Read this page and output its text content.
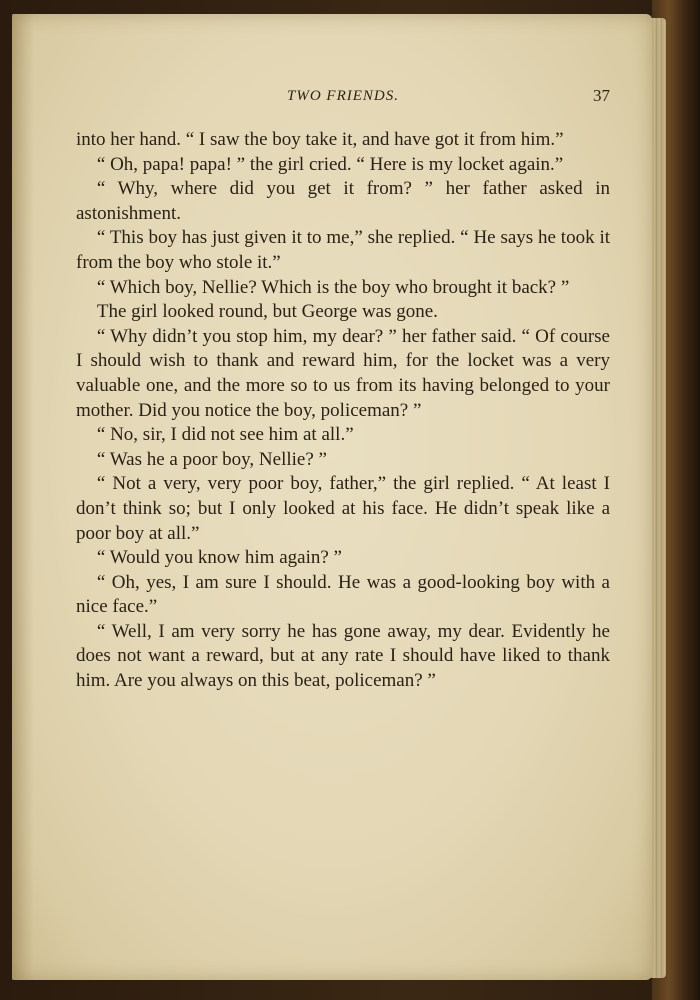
TWO FRIENDS.	37

into her hand. “ I saw the boy take it, and have got it from him.”

“ Oh, papa! papa! ” the girl cried. “ Here is my locket again.”

“ Why, where did you get it from? ” her father asked in astonishment.

“ This boy has just given it to me,” she replied. “ He says he took it from the boy who stole it.”

“ Which boy, Nellie? Which is the boy who brought it back? ”

The girl looked round, but George was gone.

“ Why didn’t you stop him, my dear? ” her father said. “ Of course I should wish to thank and reward him, for the locket was a very valuable one, and the more so to us from its having belonged to your mother. Did you notice the boy, policeman? ”

“ No, sir, I did not see him at all.”

“ Was he a poor boy, Nellie? ”

“ Not a very, very poor boy, father,” the girl replied. “ At least I don’t think so; but I only looked at his face. He didn’t speak like a poor boy at all.”

“ Would you know him again? ”

“ Oh, yes, I am sure I should. He was a good-looking boy with a nice face.”

“ Well, I am very sorry he has gone away, my dear. Evidently he does not want a reward, but at any rate I should have liked to thank him. Are you always on this beat, policeman? ”
